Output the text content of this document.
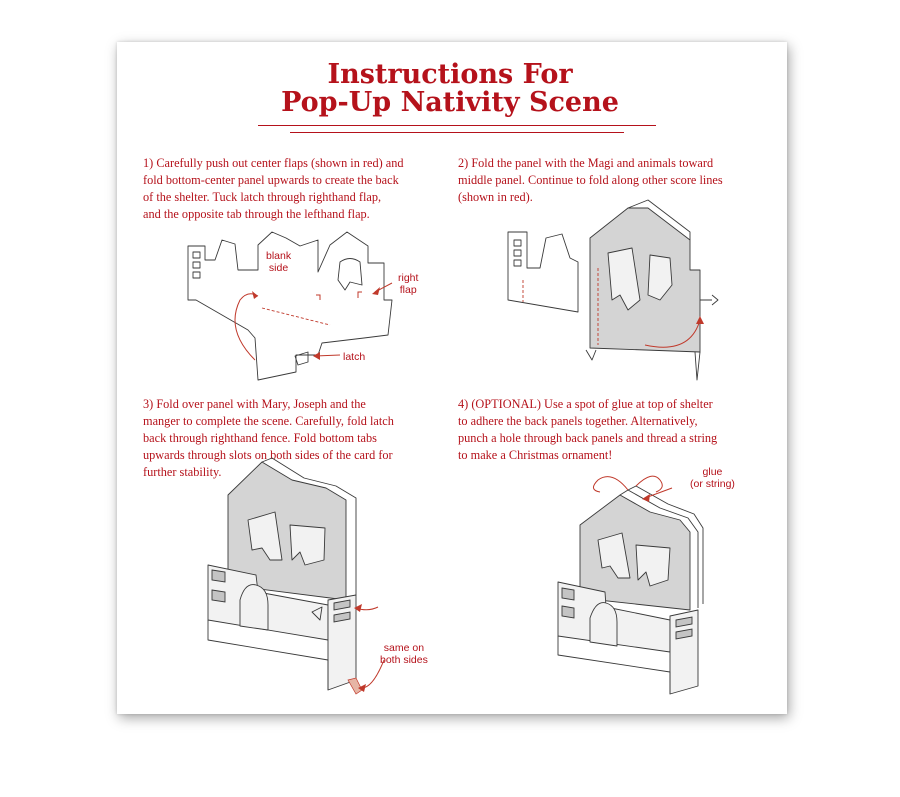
Instructions For
Pop-Up Nativity Scene

1) Carefully push out center flaps (shown in red) and

fold bottom-center panel upwards to create the back

of the shelter. Tuck latch through righthand flap,

and the opposite tab through the lefthand flap.

2) Fold the panel with the Magi and animals toward

middle panel. Continue to fold along other score lines

(shown in red).

3) Fold over panel with Mary, Joseph and the

manger to complete the scene. Carefully, fold latch

back through righthand fence. Fold bottom tabs

upwards through slots on both sides of the card for

further stability.

4) (OPTIONAL) Use a spot of glue at top of shelter

to adhere the back panels together. Alternatively,

punch a hole through back panels and thread a string

to make a Christmas ornament!

blank
side
right
flap
latch
same on
both sides
glue
(or string)
